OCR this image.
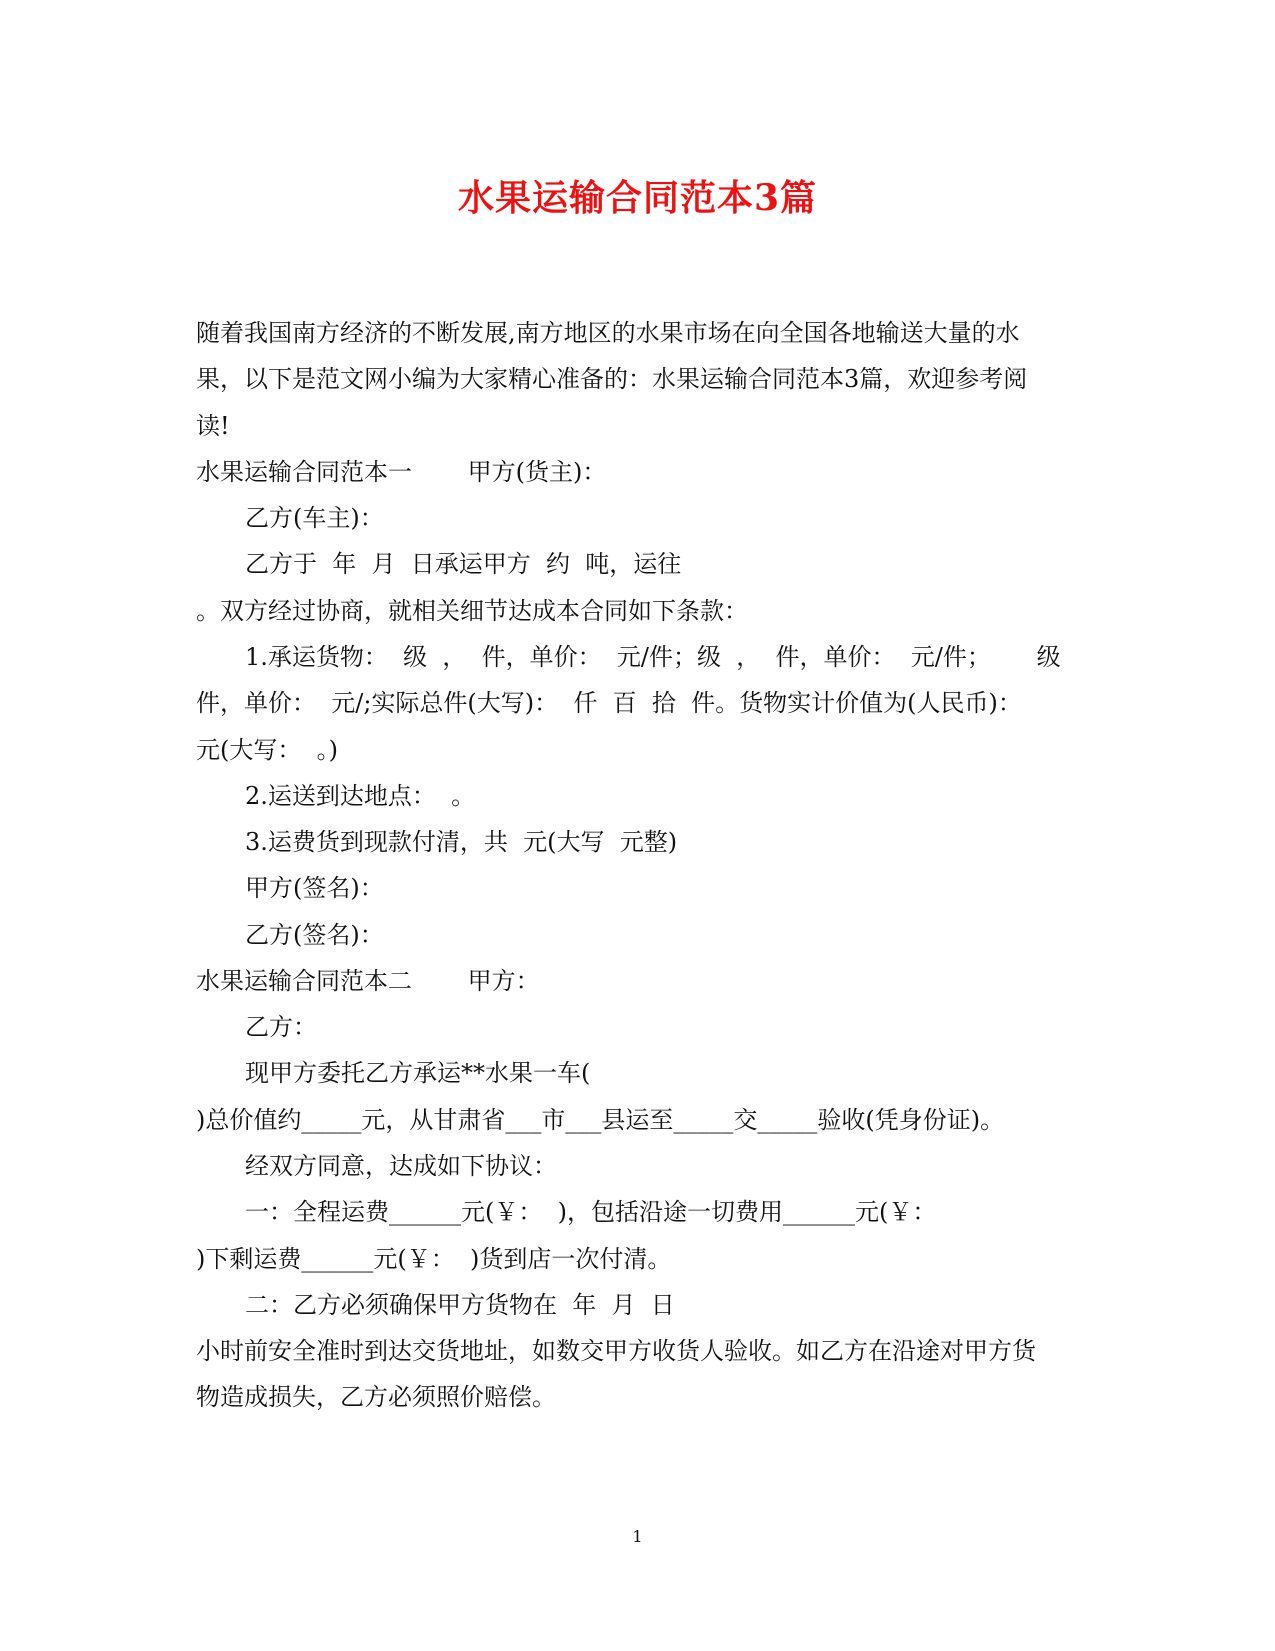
水果运输合同范本3篇
随着我国南方经济的不断发展,南方地区的水果市场在向全国各地输送大量的水
果，以下是范文网小编为大家精心准备的：水果运输合同范本3篇，欢迎参考阅
读!
水果运输合同范本一　　 甲方(货主)：
乙方(车主)：
乙方于  年  月  日承运甲方  约  吨，运往
。双方经过协商，就相关细节达成本合同如下条款：
1.承运货物：  级  ，  件，单价：  元/件；级  ，  件，单价：  元/件；      级
件，单价：  元/;实际总件(大写)：  仟  百  拾  件。货物实计价值为(人民币)：
元(大写：  。)
2.运送到达地点：  。
3.运费货到现款付清，共  元(大写  元整)
甲方(签名)：
乙方(签名)：
水果运输合同范本二　　 甲方：
乙方：
现甲方委托乙方承运**水果一车(
)总价值约_____元，从甘肃省___市___县运至_____交_____验收(凭身份证)。
经双方同意，达成如下协议：
一：全程运费______元(￥：  )，包括沿途一切费用______元(￥：
)下剩运费______元(￥：  )货到店一次付清。
二：乙方必须确保甲方货物在  年  月  日
小时前安全准时到达交货地址，如数交甲方收货人验收。如乙方在沿途对甲方货
物造成损失，乙方必须照价赔偿。
1
